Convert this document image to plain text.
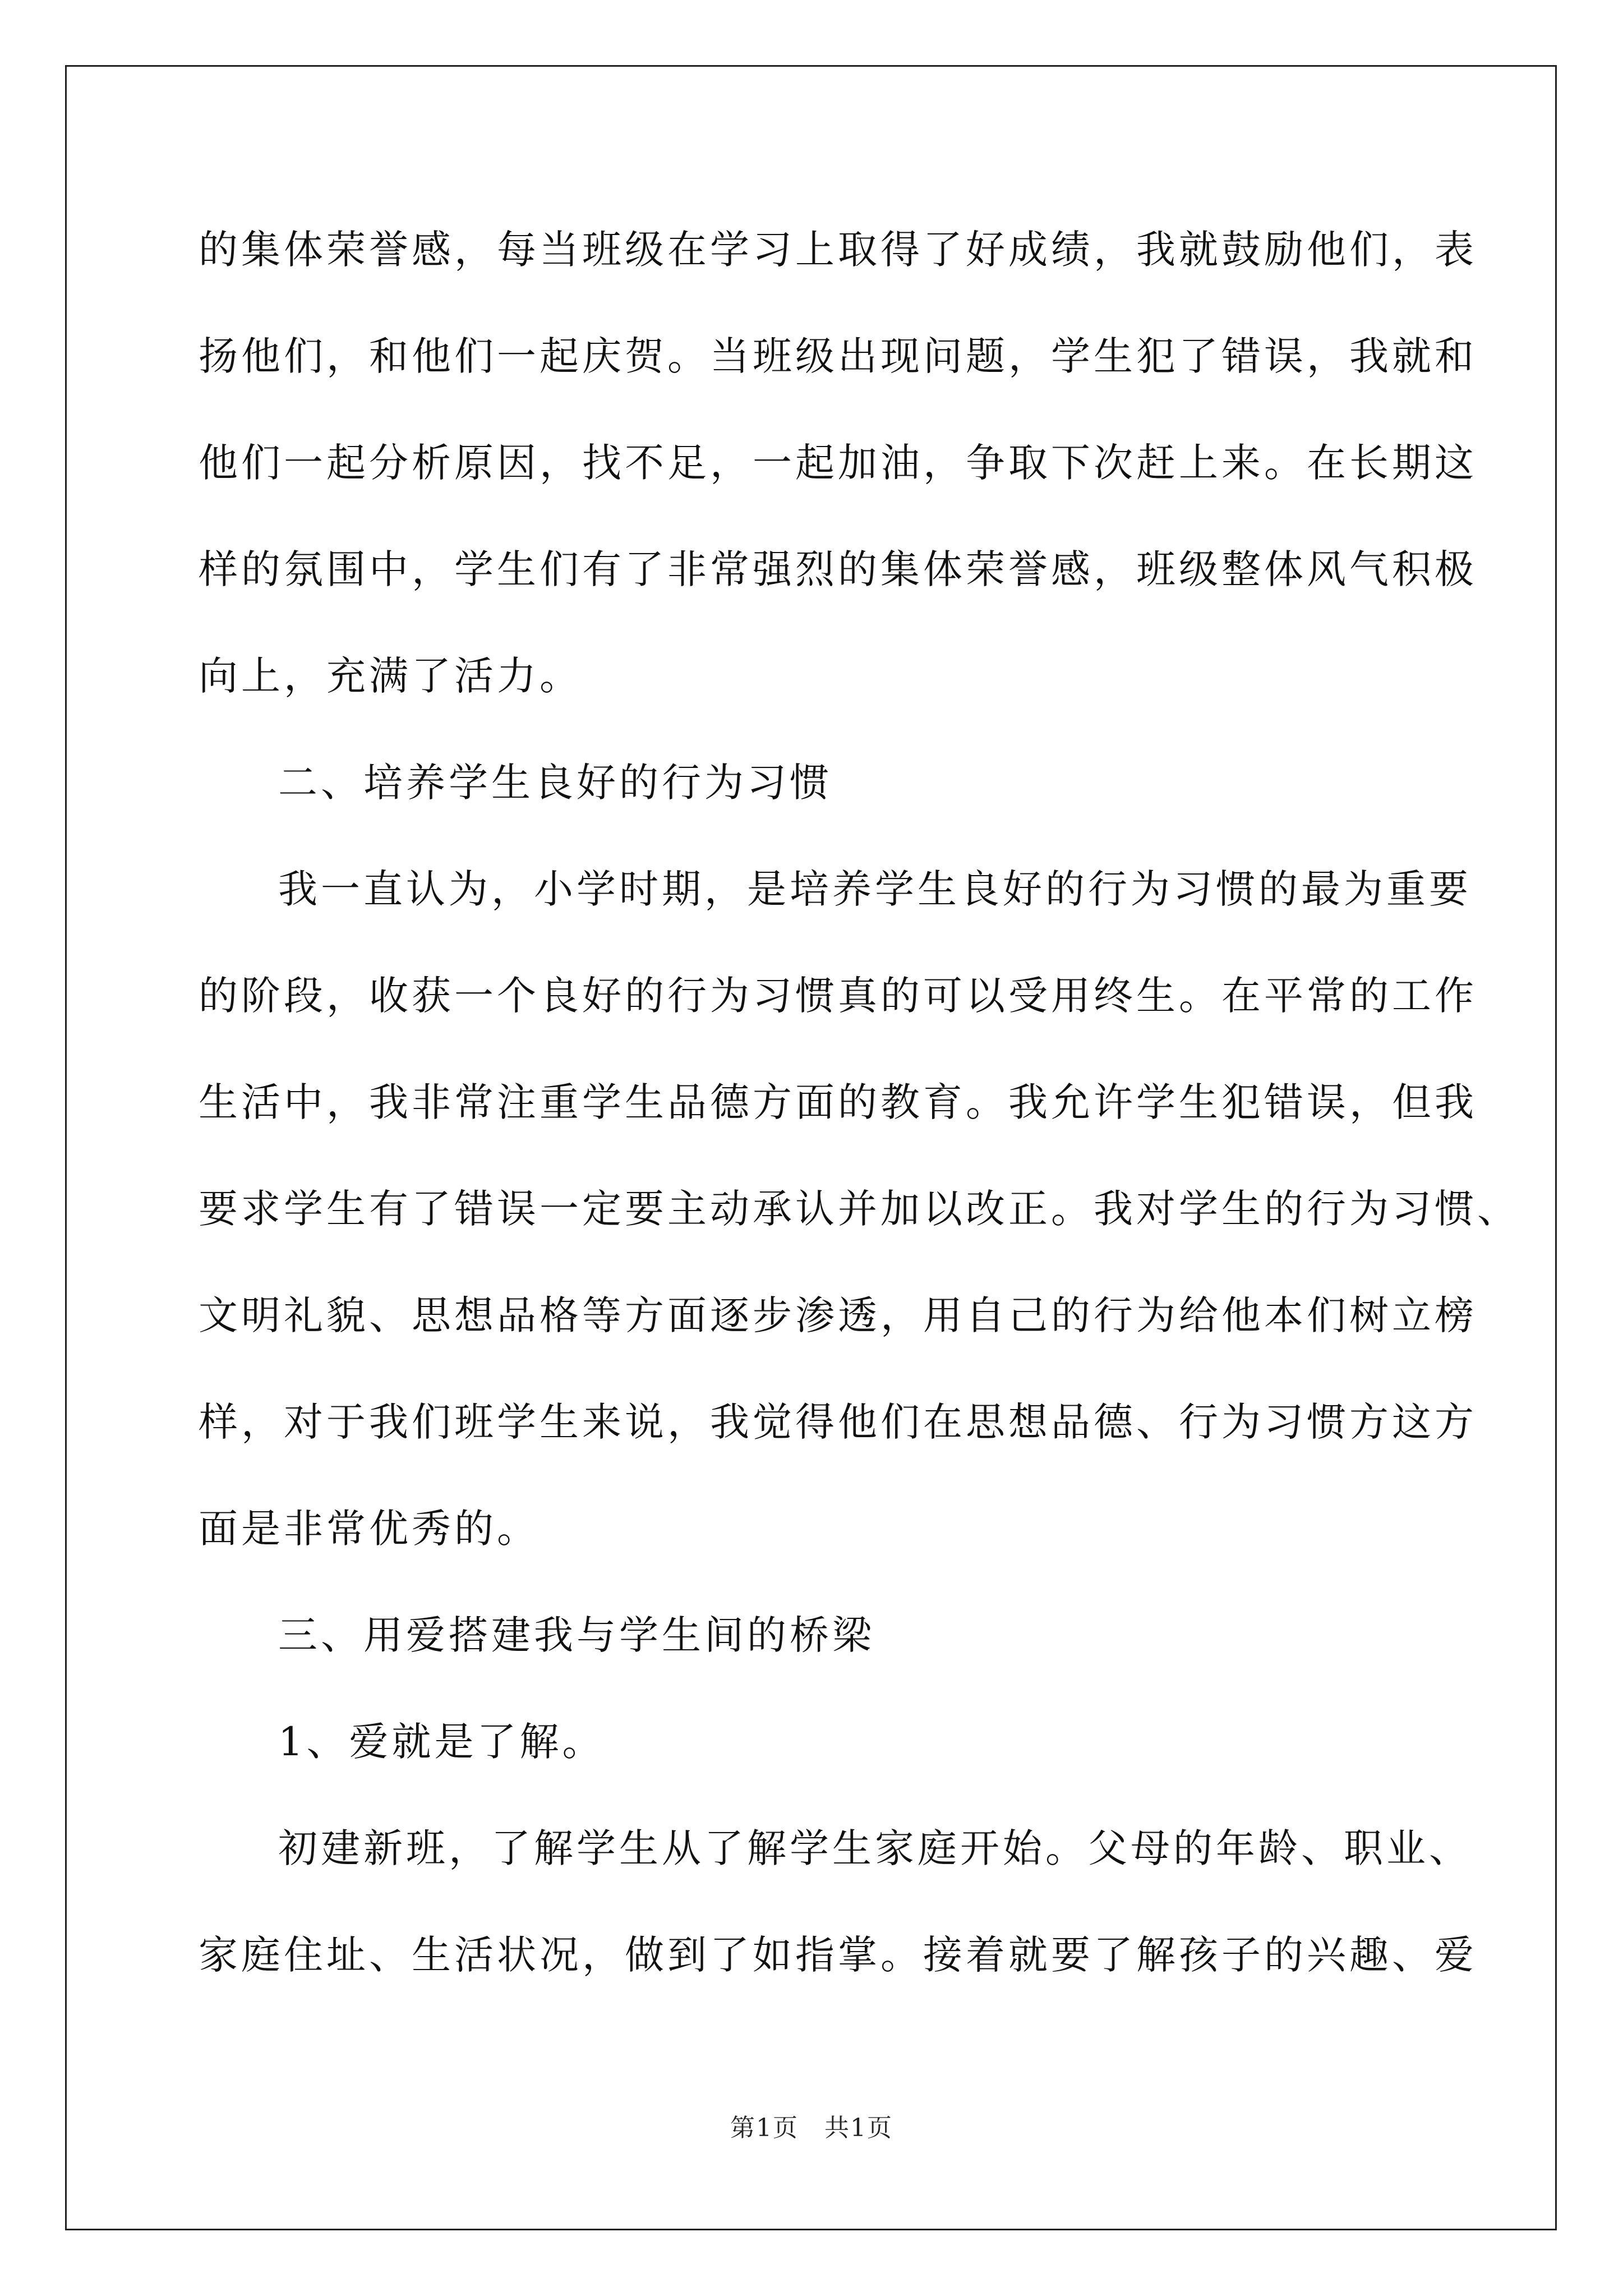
的集体荣誉感，每当班级在学习上取得了好成绩，我就鼓励他们，表

扬他们，和他们一起庆贺。当班级出现问题，学生犯了错误，我就和

他们一起分析原因，找不足，一起加油，争取下次赶上来。在长期这

样的氛围中，学生们有了非常强烈的集体荣誉感，班级整体风气积极

向上，充满了活力。

二、培养学生良好的行为习惯

我一直认为，小学时期，是培养学生良好的行为习惯的最为重要

的阶段，收获一个良好的行为习惯真的可以受用终生。在平常的工作

生活中，我非常注重学生品德方面的教育。我允许学生犯错误，但我

要求学生有了错误一定要主动承认并加以改正。我对学生的行为习惯、

文明礼貌、思想品格等方面逐步渗透，用自己的行为给他本们树立榜

样，对于我们班学生来说，我觉得他们在思想品德、行为习惯方这方

面是非常优秀的。

三、用爱搭建我与学生间的桥梁

1、爱就是了解。

初建新班，了解学生从了解学生家庭开始。父母的年龄、职业、

家庭住址、生活状况，做到了如指掌。接着就要了解孩子的兴趣、爱

第1页　共1页
